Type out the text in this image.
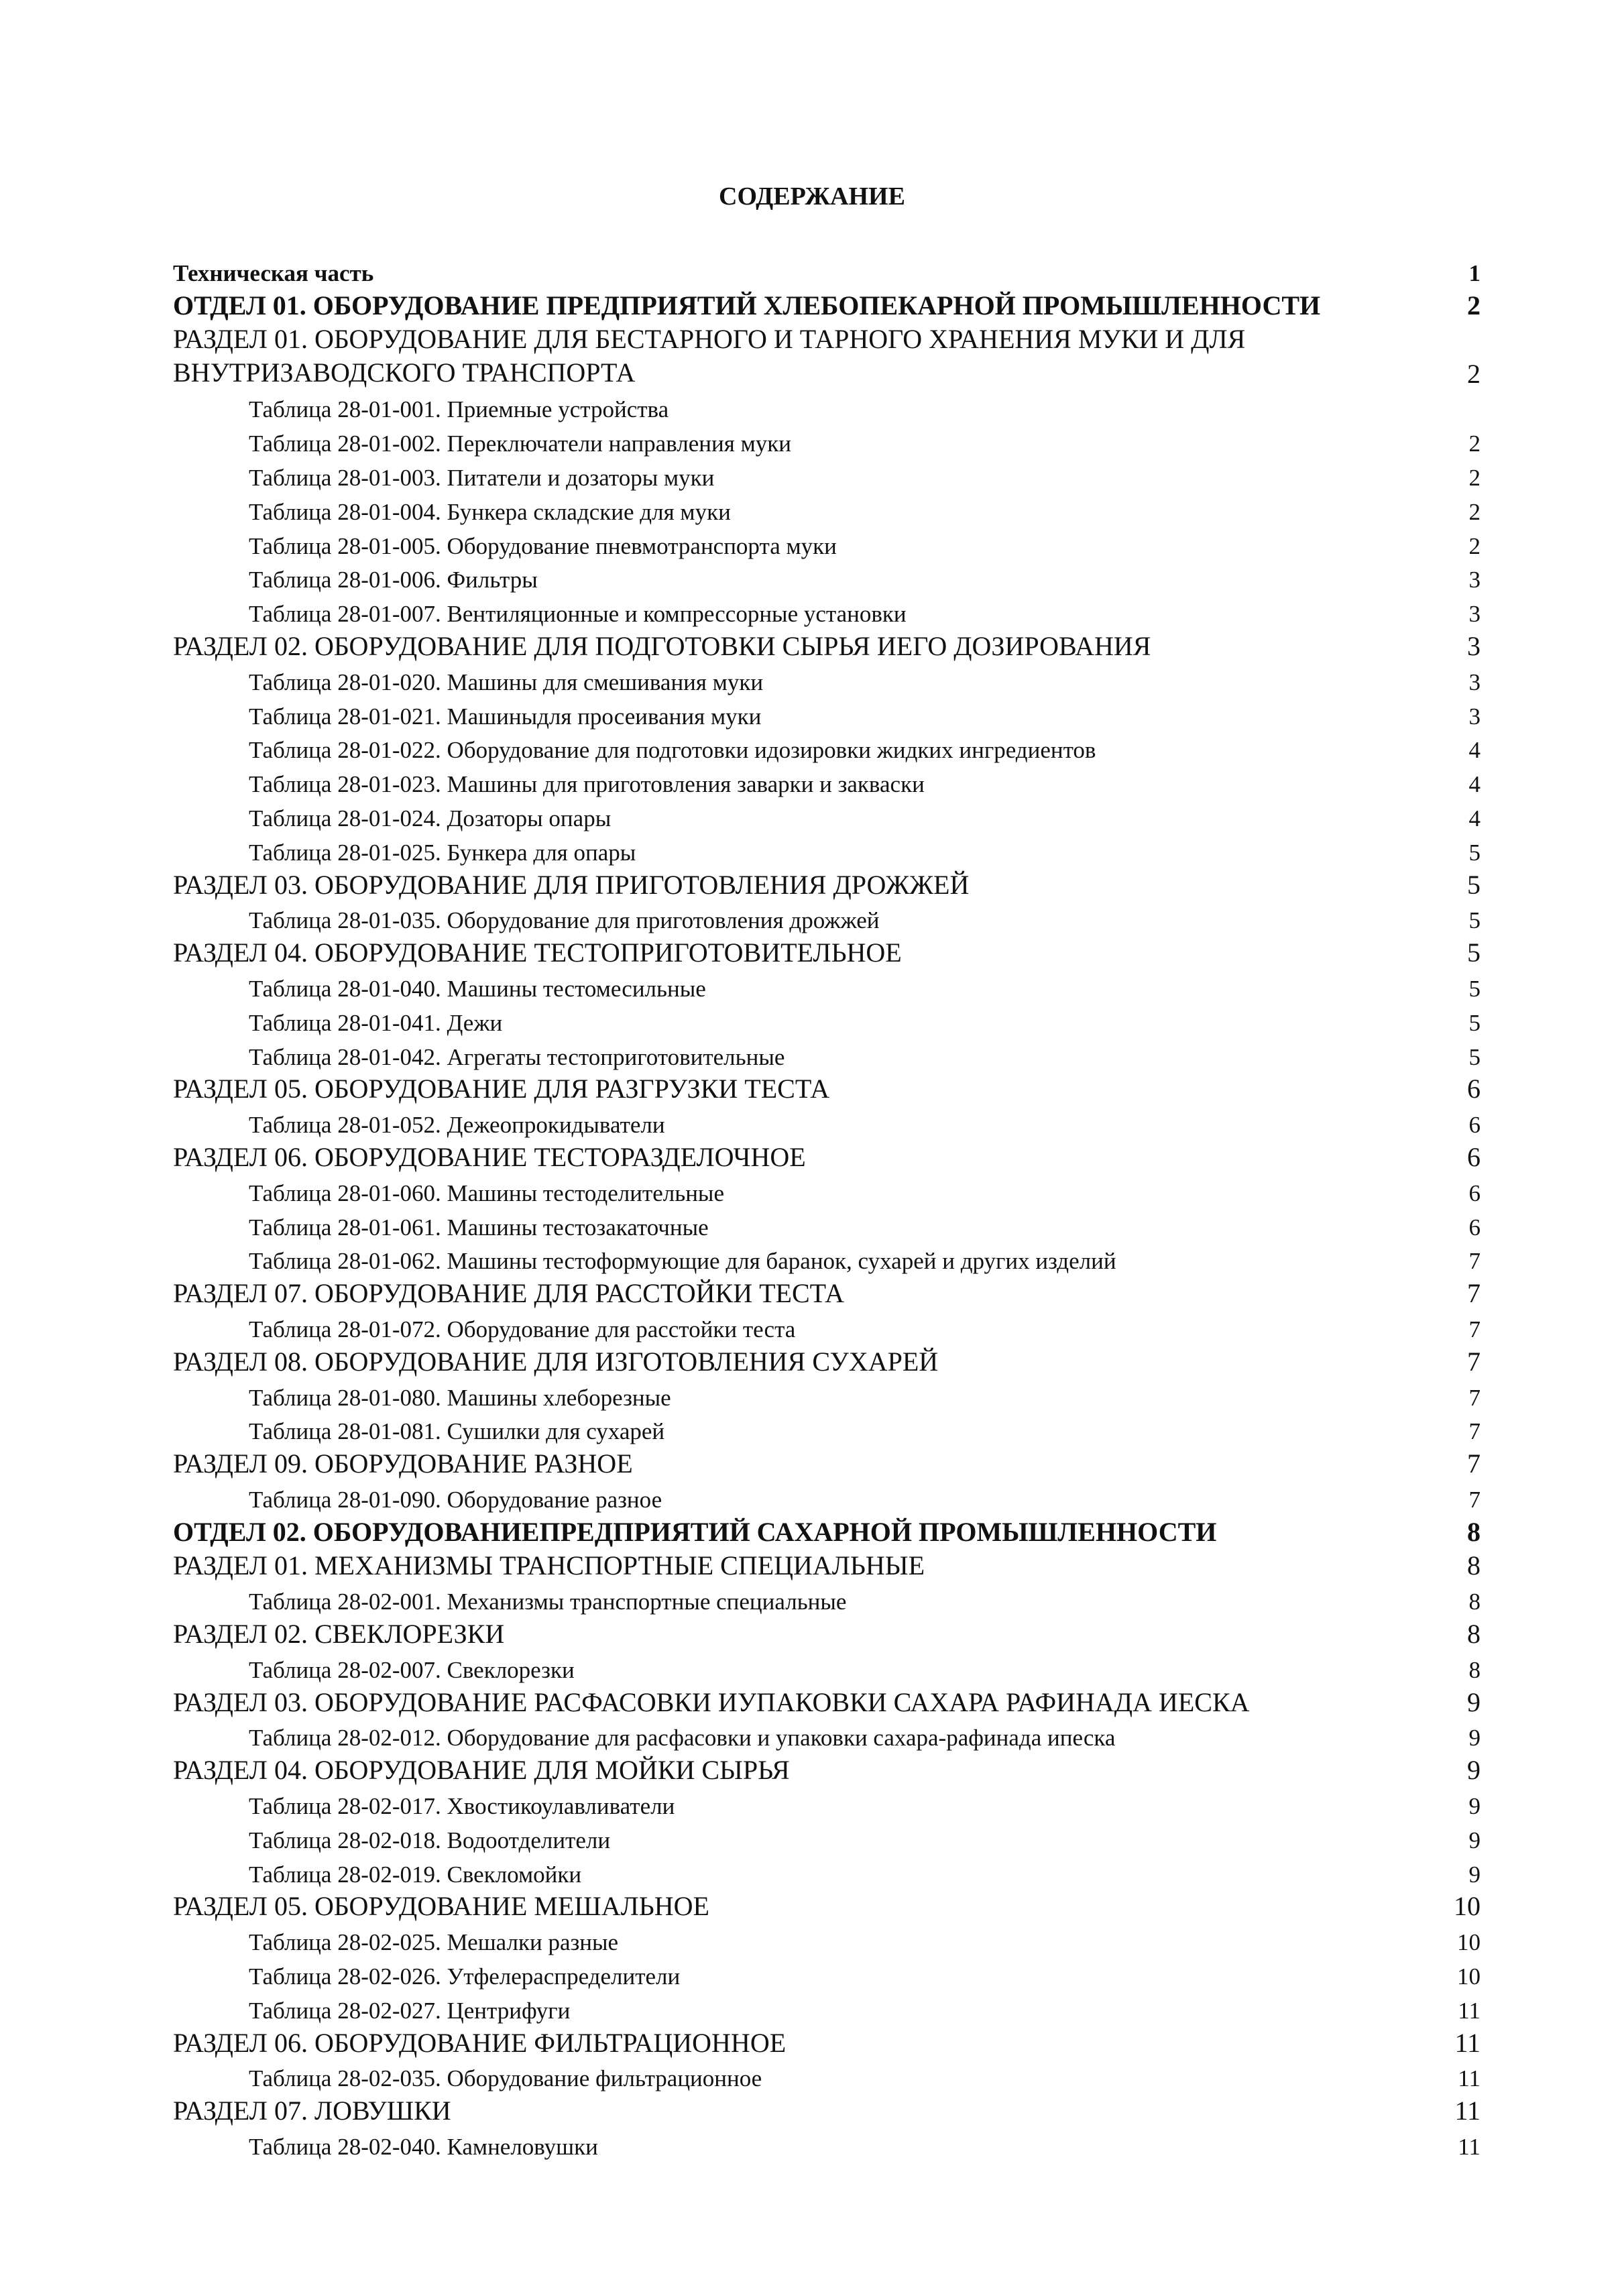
СОДЕРЖАНИЕ
Техническая часть	1
ОТДЕЛ 01. ОБОРУДОВАНИЕ ПРЕДПРИЯТИЙ ХЛЕБОПЕКАРНОЙ ПРОМЫШЛЕННОСТИ	2
РАЗДЕЛ 01. ОБОРУДОВАНИЕ ДЛЯ БЕСТАРНОГО И ТАРНОГО ХРАНЕНИЯ МУКИ И ДЛЯ ВНУТРИЗАВОДСКОГО ТРАНСПОРТА	2
Таблица 28-01-001. Приемные устройства
Таблица 28-01-002. Переключатели направления муки	2
Таблица 28-01-003. Питатели и дозаторы муки	2
Таблица 28-01-004. Бункера складские для муки	2
Таблица 28-01-005. Оборудование пневмотранспорта муки	2
Таблица 28-01-006. Фильтры	3
Таблица 28-01-007. Вентиляционные и компрессорные установки	3
РАЗДЕЛ 02. ОБОРУДОВАНИЕ ДЛЯ ПОДГОТОВКИ СЫРЬЯ ИЕГО ДОЗИРОВАНИЯ	3
Таблица 28-01-020. Машины для смешивания муки	3
Таблица 28-01-021. Машиныдля просеивания муки	3
Таблица 28-01-022. Оборудование для подготовки идозировки жидких ингредиентов	4
Таблица 28-01-023. Машины для приготовления заварки и закваски	4
Таблица 28-01-024. Дозаторы опары	4
Таблица 28-01-025. Бункера для опары	5
РАЗДЕЛ 03. ОБОРУДОВАНИЕ ДЛЯ ПРИГОТОВЛЕНИЯ ДРОЖЖЕЙ	5
Таблица 28-01-035. Оборудование для приготовления дрожжей	5
РАЗДЕЛ 04. ОБОРУДОВАНИЕ ТЕСТОПРИГОТОВИТЕЛЬНОЕ	5
Таблица 28-01-040. Машины тестомесильные	5
Таблица 28-01-041. Дежи	5
Таблица 28-01-042. Агрегаты тестоприготовительные	5
РАЗДЕЛ 05. ОБОРУДОВАНИЕ ДЛЯ РАЗГРУЗКИ ТЕСТА	6
Таблица 28-01-052. Дежеопрокидыватели	6
РАЗДЕЛ 06. ОБОРУДОВАНИЕ ТЕСТОРАЗДЕЛОЧНОЕ	6
Таблица 28-01-060. Машины тестоделительные	6
Таблица 28-01-061. Машины тестозакаточные	6
Таблица 28-01-062. Машины тестоформующие для баранок, сухарей и других изделий	7
РАЗДЕЛ 07. ОБОРУДОВАНИЕ ДЛЯ РАССТОЙКИ ТЕСТА	7
Таблица 28-01-072. Оборудование для расстойки теста	7
РАЗДЕЛ 08. ОБОРУДОВАНИЕ ДЛЯ ИЗГОТОВЛЕНИЯ СУХАРЕЙ	7
Таблица 28-01-080. Машины хлеборезные	7
Таблица 28-01-081. Сушилки для сухарей	7
РАЗДЕЛ 09. ОБОРУДОВАНИЕ РАЗНОЕ	7
Таблица 28-01-090. Оборудование разное	7
ОТДЕЛ 02. ОБОРУДОВАНИЕПРЕДПРИЯТИЙ САХАРНОЙ ПРОМЫШЛЕННОСТИ	8
РАЗДЕЛ 01. МЕХАНИЗМЫ ТРАНСПОРТНЫЕ СПЕЦИАЛЬНЫЕ	8
Таблица 28-02-001. Механизмы транспортные специальные	8
РАЗДЕЛ 02. СВЕКЛОРЕЗКИ	8
Таблица 28-02-007. Свеклорезки	8
РАЗДЕЛ 03. ОБОРУДОВАНИЕ РАСФАСОВКИ ИУПАКОВКИ САХАРА РАФИНАДА ИЕСКА	9
Таблица 28-02-012. Оборудование для расфасовки и упаковки сахара-рафинада ипеска	9
РАЗДЕЛ 04. ОБОРУДОВАНИЕ ДЛЯ МОЙКИ СЫРЬЯ	9
Таблица 28-02-017. Хвостикоулавливатели	9
Таблица 28-02-018. Водоотделители	9
Таблица 28-02-019. Свекломойки	9
РАЗДЕЛ 05. ОБОРУДОВАНИЕ МЕШАЛЬНОЕ	10
Таблица 28-02-025. Мешалки разные	10
Таблица 28-02-026. Утфелераспределители	10
Таблица 28-02-027. Центрифуги	11
РАЗДЕЛ 06. ОБОРУДОВАНИЕ ФИЛЬТРАЦИОННОЕ	11
Таблица 28-02-035. Оборудование фильтрационное	11
РАЗДЕЛ 07. ЛОВУШКИ	11
Таблица 28-02-040. Камнеловушки	11
